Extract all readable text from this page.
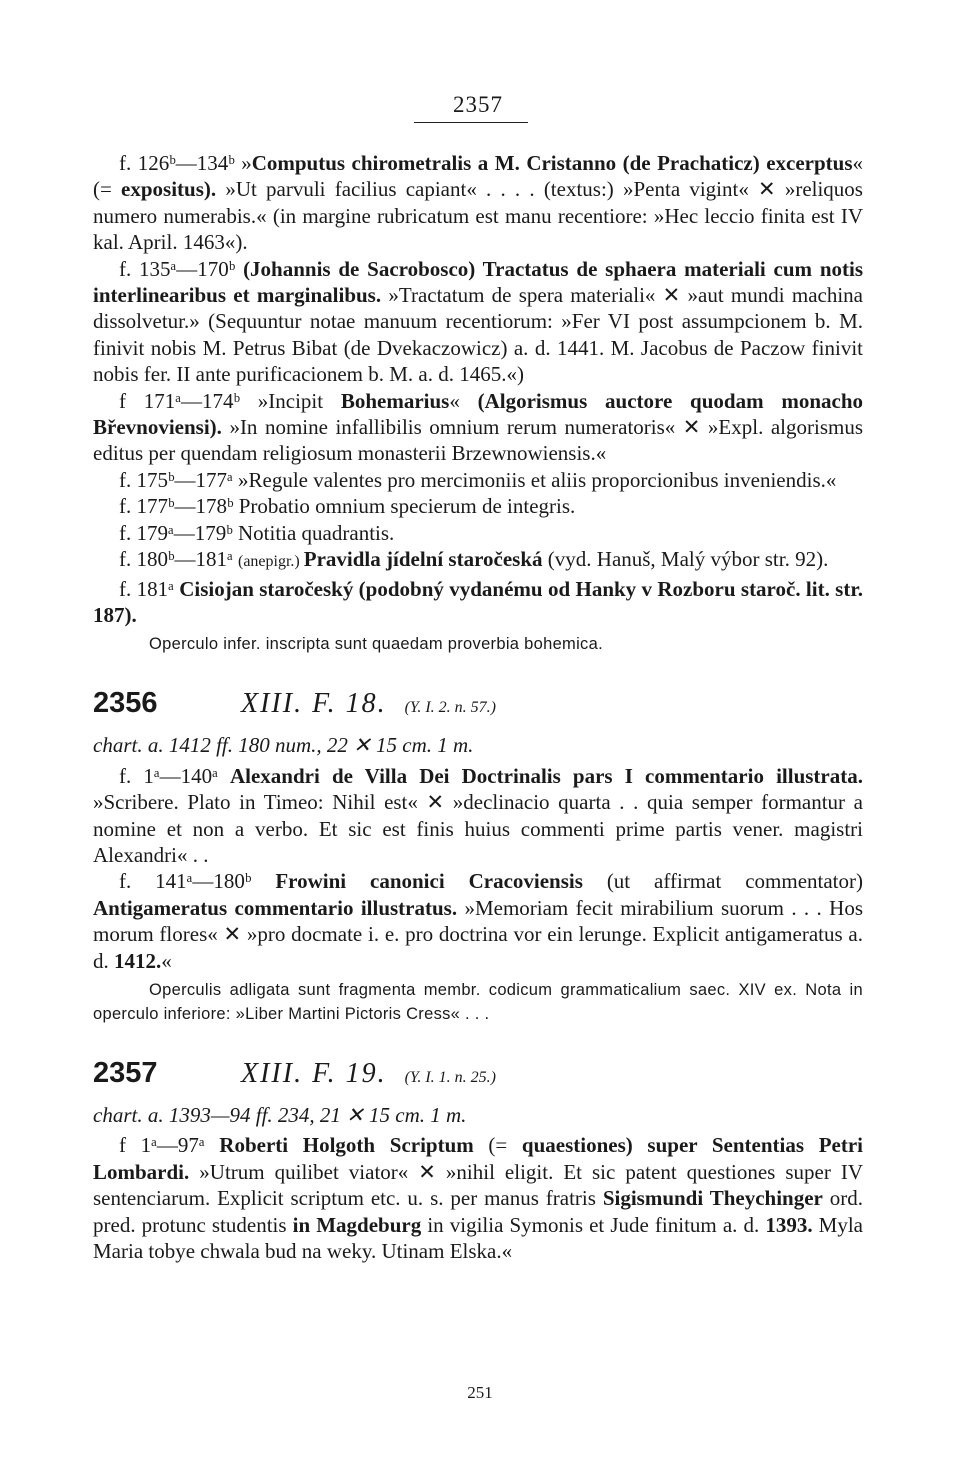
2357

f. 126ᵇ—134ᵇ »Computus chirometralis a M. Cristanno (de Prachaticz) excerptus« (= expositus). »Ut parvuli facilius capiant« . . . . (textus:) »Penta vigint« ✕ »reliquos numero numerabis.« (in margine rubricatum est manu recentiore: »Hec leccio finita est IV kal. April. 1463«).

f. 135ᵃ—170ᵇ (Johannis de Sacrobosco) Tractatus de sphaera materiali cum notis interlinearibus et marginalibus. »Tractatum de spera materiali« ✕ »aut mundi machina dissolvetur.» (Sequuntur notae manuum recentiorum: »Fer VI post assumpcionem b. M. finivit nobis M. Petrus Bibat (de Dvekaczowicz) a. d. 1441. M. Jacobus de Paczow finivit nobis fer. II ante purificacionem b. M. a. d. 1465.«)

f 171ᵃ—174ᵇ »Incipit Bohemarius« (Algorismus auctore quodam monacho Břevnoviensi). »In nomine infallibilis omnium rerum numeratoris« ✕ »Expl. algorismus editus per quendam religiosum monasterii Brzewnowiensis.«

f. 175ᵇ—177ᵃ »Regule valentes pro mercimoniis et aliis proporcionibus inveniendis.«

f. 177ᵇ—178ᵇ Probatio omnium specierum de integris.

f. 179ᵃ—179ᵇ Notitia quadrantis.

f. 180ᵇ—181ᵃ (anepigr.) Pravidla jídelní staročeská (vyd. Hanuš, Malý výbor str. 92).

f. 181ᵃ Cisiojan staročeský (podobný vydanému od Hanky v Rozboru staroč. lit. str. 187).

Operculo infer. inscripta sunt quaedam proverbia bohemica.

2356	XIII. F. 18. (Y. I. 2. n. 57.)
chart. a. 1412 ff. 180 num., 22 ✕ 15 cm. 1 m.

f. 1ᵃ—140ᵃ Alexandri de Villa Dei Doctrinalis pars I commentario illustrata. »Scribere. Plato in Timeo: Nihil est« ✕ »declinacio quarta . . quia semper formantur a nomine et non a verbo. Et sic est finis huius commenti prime partis vener. magistri Alexandri« . .

f. 141ᵃ—180ᵇ Frowini canonici Cracoviensis (ut affirmat commentator) Antigameratus commentario illustratus. »Memoriam fecit mirabilium suorum . . . Hos morum flores« ✕ »pro docmate i. e. pro doctrina vor ein lerunge. Explicit antigameratus a. d. 1412.«

Operculis adligata sunt fragmenta membr. codicum grammaticalium saec. XIV ex. Nota in operculo inferiore: »Liber Martini Pictoris Cress« . . .

2357	XIII. F. 19. (Y. I. 1. n. 25.)
chart. a. 1393—94 ff. 234, 21 ✕ 15 cm. 1 m.

f 1ᵃ—97ᵃ Roberti Holgoth Scriptum (= quaestiones) super Sententias Petri Lombardi. »Utrum quilibet viator« ✕ »nihil eligit. Et sic patent questiones super IV sentenciarum. Explicit scriptum etc. u. s. per manus fratris Sigismundi Theychinger ord. pred. protunc studentis in Magdeburg in vigilia Symonis et Jude finitum a. d. 1393. Myla Maria tobye chwala bud na weky. Utinam Elska.«

251
